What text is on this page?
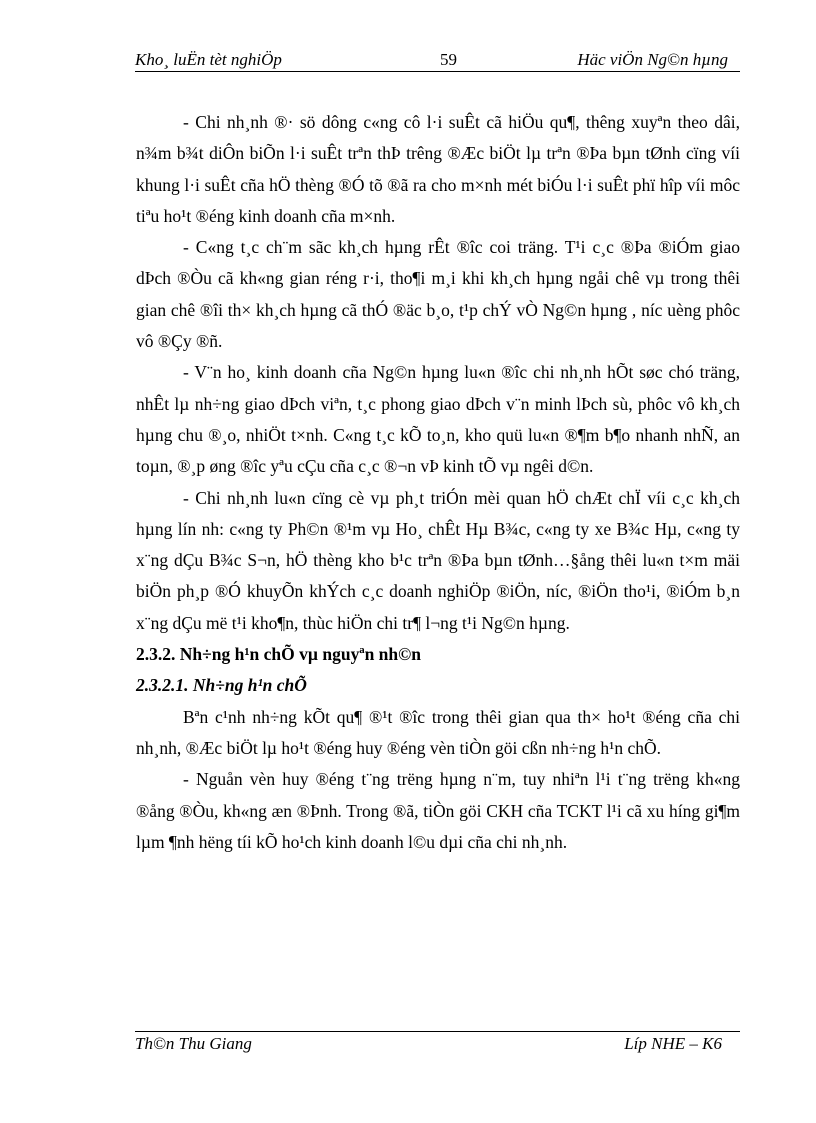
Kho¸ luËn tèt nghiÖp	59	Häc viÖn Ng©n hµng

- Chi nh¸nh ®· sö dông c«ng cô l·i suÊt cã hiÖu qu¶, thêng xuyªn theo dâi, n¾m b¾t diÔn biÕn l·i suÊt trªn thÞ trêng ®Æc biÖt lµ trªn ®Þa bµn tØnh cïng víi khung l·i suÊt cña hÖ thèng ®Ó tõ ®ã ra cho m×nh mét biÓu l·i suÊt phï hîp víi môc tiªu ho¹t ®éng kinh doanh cña m×nh.

- C«ng t¸c ch¨m sãc kh¸ch hµng rÊt ®îc coi träng. T¹i c¸c ®Þa ®iÓm giao dÞch ®Òu cã kh«ng gian réng r·i, tho¶i m¸i khi kh¸ch hµng ngåi chê vµ trong thêi gian chê ®îi th× kh¸ch hµng cã thÓ ®äc b¸o, t¹p chÝ vÒ Ng©n hµng , níc uèng phôc vô ®Çy ®ñ.

- V¨n ho¸ kinh doanh cña Ng©n hµng lu«n ®îc chi nh¸nh hÕt søc chó träng, nhÊt lµ nh÷ng giao dÞch viªn, t¸c phong giao dÞch v¨n minh lÞch sù, phôc vô kh¸ch hµng chu ®¸o, nhiÖt t×nh. C«ng t¸c kÕ to¸n, kho quü lu«n ®¶m b¶o nhanh nhÑ, an toµn, ®¸p øng ®îc yªu cÇu cña c¸c ®¬n vÞ kinh tÕ vµ ngêi d©n.

- Chi nh¸nh lu«n cïng cè vµ ph¸t triÓn mèi quan hÖ chÆt chÏ víi c¸c kh¸ch hµng lín nh: c«ng ty Ph©n ®¹m vµ Ho¸ chÊt Hµ B¾c, c«ng ty xe B¾c Hµ, c«ng ty x¨ng dÇu B¾c S¬n, hÖ thèng kho b¹c trªn ®Þa bµn tØnh…§ång thêi lu«n t×m mäi biÖn ph¸p ®Ó khuyÕn khÝch c¸c doanh nghiÖp ®iÖn, níc, ®iÖn tho¹i, ®iÓm b¸n x¨ng dÇu më t¹i kho¶n, thùc hiÖn chi tr¶ l¬ng t¹i Ng©n hµng.

2.3.2. Nh÷ng h¹n chÕ vµ nguyªn nh©n

2.3.2.1. Nh÷ng h¹n chÕ

Bªn c¹nh nh÷ng kÕt qu¶ ®¹t ®îc trong thêi gian qua th× ho¹t ®éng cña chi nh¸nh, ®Æc biÖt lµ ho¹t ®éng huy ®éng vèn tiÒn göi cßn nh÷ng h¹n chÕ.

- Nguån vèn huy ®éng t¨ng trëng hµng n¨m, tuy nhiªn l¹i t¨ng trëng kh«ng ®ång ®Òu, kh«ng æn ®Þnh. Trong ®ã, tiÒn göi CKH cña TCKT l¹i cã xu híng gi¶m lµm ¶nh hëng tíi kÕ ho¹ch kinh doanh l©u dµi cña chi nh¸nh.

Th©n Thu Giang	Líp NHE – K6
